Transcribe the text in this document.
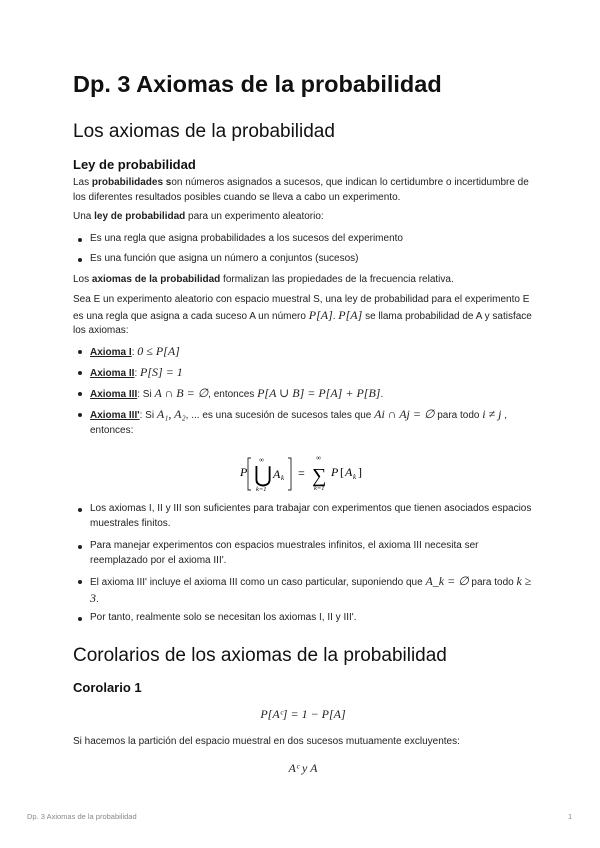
Dp. 3 Axiomas de la probabilidad
Los axiomas de la probabilidad
Ley de probabilidad

Las probabilidades son números asignados a sucesos, que indican lo certidumbre o incertidumbre de los diferentes resultados posibles cuando se lleva a cabo un experimento.

Una ley de probabilidad para un experimento aleatorio:

Es una regla que asigna probabilidades a los sucesos del experimento
Es una función que asigna un número a conjuntos (sucesos)

Los axiomas de la probabilidad formalizan las propiedades de la frecuencia relativa.

Sea E un experimento aleatorio con espacio muestral S, una ley de probabilidad para el experimento E es una regla que asigna a cada suceso A un número P[A]. P[A] se llama probabilidad de A y satisface los axiomas:

Axioma I: 0 ≤ P[A]
Axioma II: P[S] = 1
Axioma III: Si A ∩ B = ∅, entonces P[A ∪ B] = P[A] + P[B].
Axioma III': Si A₁, A₂, ... es una sucesión de sucesos tales que Ai ∩ Aj = ∅ para todo i ≠ j , entonces:
P
∞
⋃
k=1
A k =
∞
∑
k=1
P [ A k ]
Los axiomas I, II y III son suficientes para trabajar con experimentos que tienen asociados espacios muestrales finitos.
Para manejar experimentos con espacios muestrales infinitos, el axioma III necesita ser reemplazado por el axioma III'.
El axioma III' incluye el axioma III como un caso particular, suponiendo que A_k = ∅ para todo k ≥ 3.
Por tanto, realmente solo se necesitan los axiomas I, II y III'.
Corolarios de los axiomas de la probabilidad
Corolario 1
P[Aᶜ] = 1 − P[A]

Si hacemos la partición del espacio muestral en dos sucesos mutuamente excluyentes:

Aᶜ y A
Dp. 3 Axiomas de la probabilidad	1
